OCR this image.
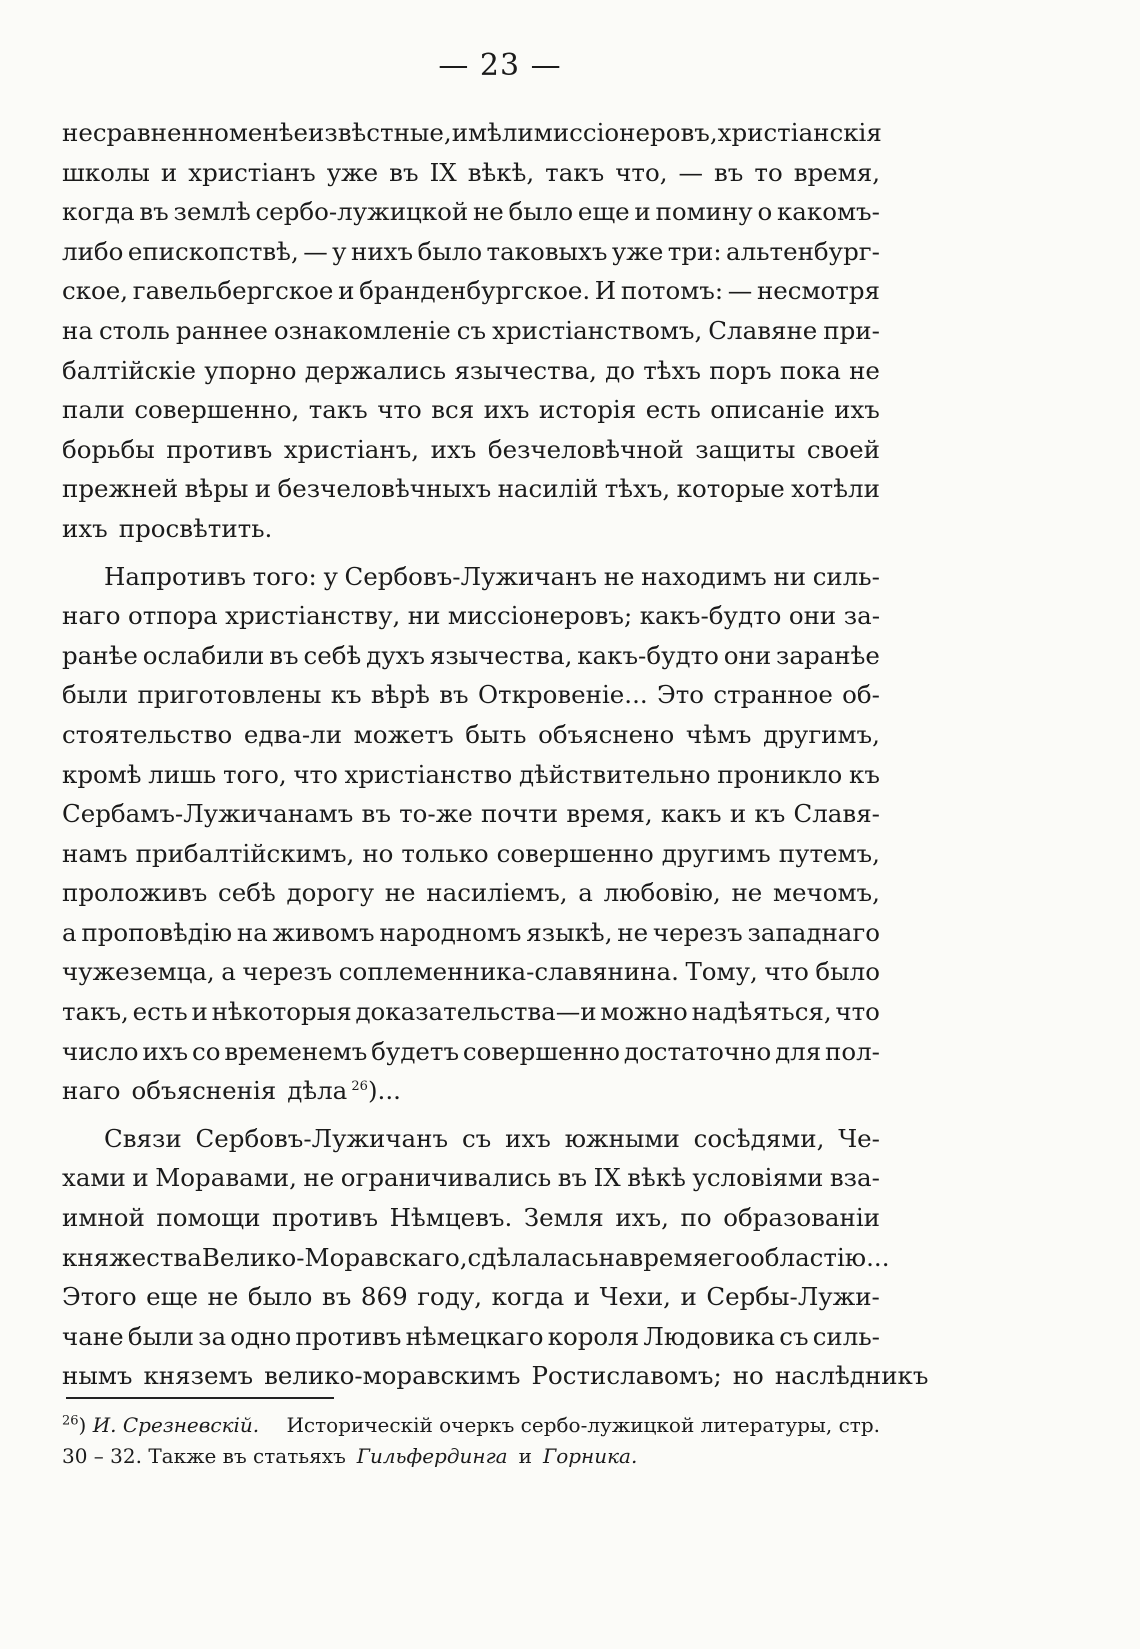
— 23 —
несравненно менѣе извѣстные, имѣли миссіонеровъ, христіанскія
школы и христіанъ уже въ IX вѣкѣ, такъ что, — въ то время,
когда въ землѣ сербо-лужицкой не было еще и помину о какомъ-
либо епископствѣ, — у нихъ было таковыхъ уже три: альтенбург-
ское, гавельбергское и бранденбургское. И потомъ: — несмотря
на столь раннее ознакомленіе съ христіанствомъ, Славяне при-
балтійскіе упорно держались язычества, до тѣхъ поръ пока не
пали совершенно, такъ что вся ихъ исторія есть описаніе ихъ
борьбы противъ христіанъ, ихъ безчеловѣчной защиты своей
прежней вѣры и безчеловѣчныхъ насилій тѣхъ, которые хотѣли
ихъ просвѣтить.
Напротивъ того: у Сербовъ-Лужичанъ не находимъ ни силь-
наго отпора христіанству, ни миссіонеровъ; какъ-будто они за-
ранѣе ослабили въ себѣ духъ язычества, какъ-будто они заранѣе
были приготовлены къ вѣрѣ въ Откровеніе... Это странное об-
стоятельство едва-ли можетъ быть объяснено чѣмъ другимъ,
кромѣ лишь того, что христіанство дѣйствительно проникло къ
Сербамъ-Лужичанамъ въ то-же почти время, какъ и къ Славя-
намъ прибалтійскимъ, но только совершенно другимъ путемъ,
проложивъ себѣ дорогу не насиліемъ, а любовію, не мечомъ,
а проповѣдію на живомъ народномъ языкѣ, не черезъ западнаго
чужеземца, а черезъ соплеменника-славянина. Тому, что было
такъ, есть и нѣкоторыя доказательства—и можно надѣяться, что
число ихъ со временемъ будетъ совершенно достаточно для пол-
наго объясненія дѣла $^{26}$)...
Связи Сербовъ-Лужичанъ съ ихъ южными сосѣдями, Че-
хами и Моравами, не ограничивались въ IX вѣкѣ условіями вза-
имной помощи противъ Нѣмцевъ. Земля ихъ, по образованіи
княжества Велико-Моравскаго, сдѣлалась на время его областію...
Этого еще не было въ 869 году, когда и Чехи, и Сербы-Лужи-
чане были за одно противъ нѣмецкаго короля Людовика съ силь-
нымъ княземъ велико-моравскимъ Ростиславомъ; но наслѣдникъ
$^{26}$) И. Срезневскій. Историческій очеркъ сербо-лужицкой литературы, стр.
30 – 32. Также въ статьяхъ Гильфердинга и Горника.
